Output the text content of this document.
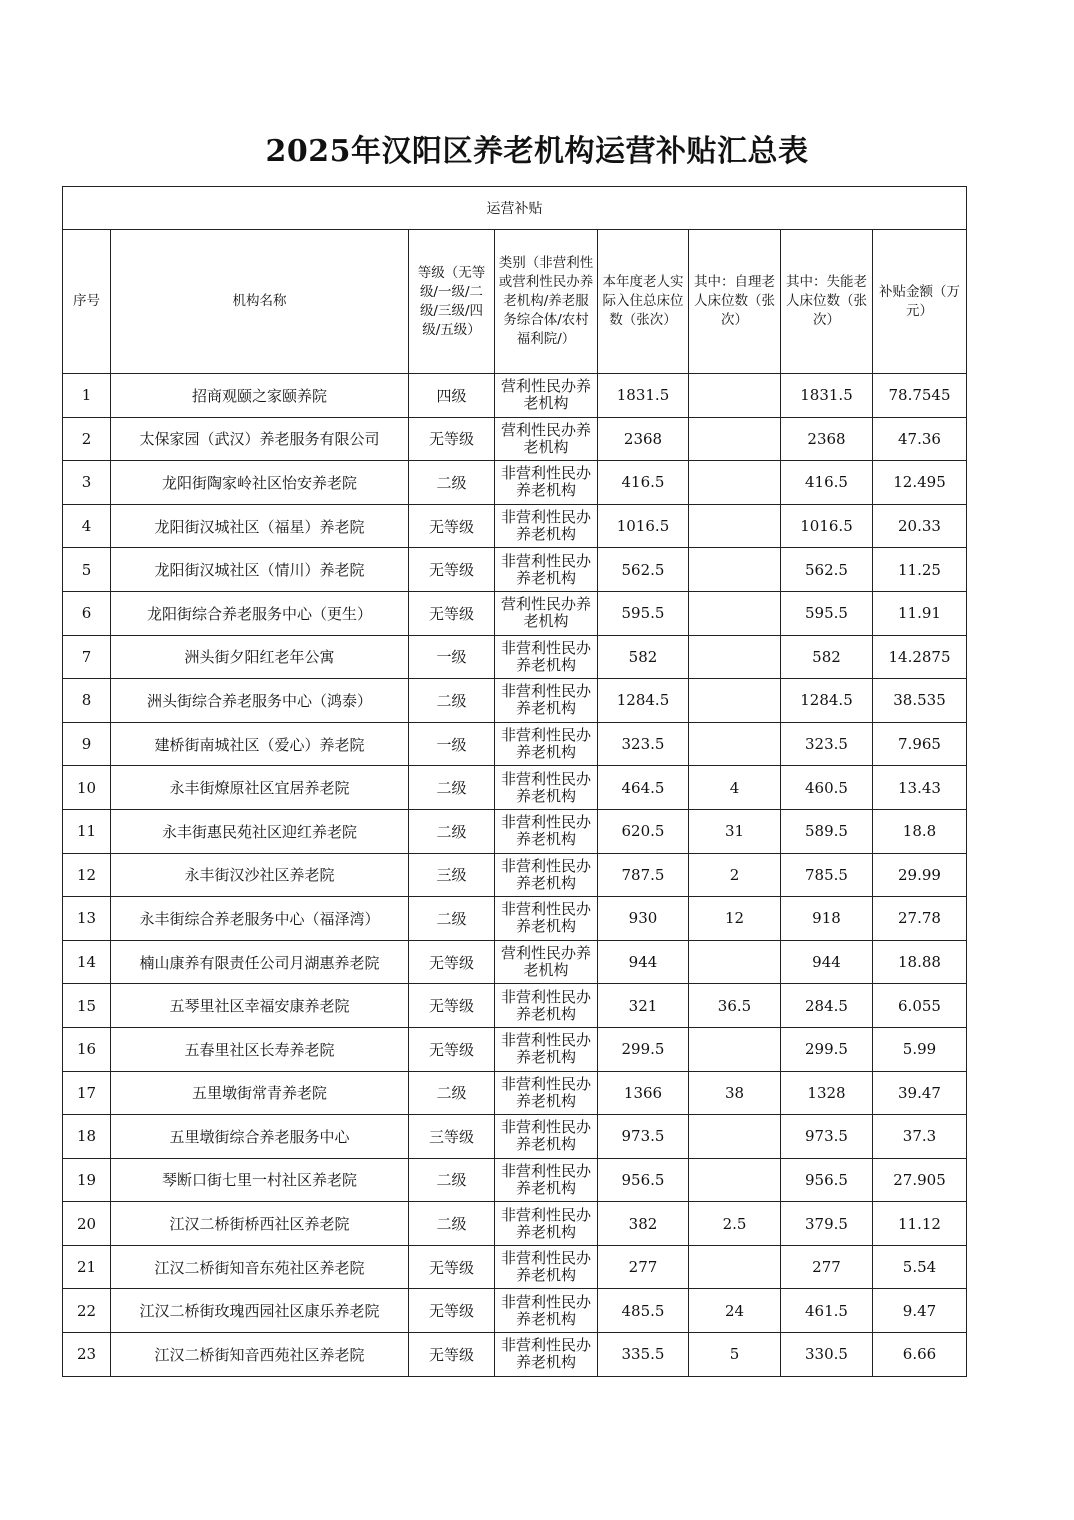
2025年汉阳区养老机构运营补贴汇总表
运营补贴							
序号	机构名称	等级（无等级/一级/二级/三级/四级/五级）	类别（非营利性或营利性民办养老机构/养老服务综合体/农村福利院/）	本年度老人实际入住总床位数（张次）	其中：自理老人床位数（张次）	其中：失能老人床位数（张次）	补贴金额（万元）
1	招商观颐之家颐养院	四级	营利性民办养老机构	1831.5		1831.5	78.7545
2	太保家园（武汉）养老服务有限公司	无等级	营利性民办养老机构	2368		2368	47.36
3	龙阳街陶家岭社区怡安养老院	二级	非营利性民办养老机构	416.5		416.5	12.495
4	龙阳街汉城社区（福星）养老院	无等级	非营利性民办养老机构	1016.5		1016.5	20.33
5	龙阳街汉城社区（情川）养老院	无等级	非营利性民办养老机构	562.5		562.5	11.25
6	龙阳街综合养老服务中心（更生）	无等级	营利性民办养老机构	595.5		595.5	11.91
7	洲头街夕阳红老年公寓	一级	非营利性民办养老机构	582		582	14.2875
8	洲头街综合养老服务中心（鸿泰）	二级	非营利性民办养老机构	1284.5		1284.5	38.535
9	建桥街南城社区（爱心）养老院	一级	非营利性民办养老机构	323.5		323.5	7.965
10	永丰街燎原社区宜居养老院	二级	非营利性民办养老机构	464.5	4	460.5	13.43
11	永丰街惠民苑社区迎红养老院	二级	非营利性民办养老机构	620.5	31	589.5	18.8
12	永丰街汉沙社区养老院	三级	非营利性民办养老机构	787.5	2	785.5	29.99
13	永丰街综合养老服务中心（福泽湾）	二级	非营利性民办养老机构	930	12	918	27.78
14	楠山康养有限责任公司月湖惠养老院	无等级	营利性民办养老机构	944		944	18.88
15	五琴里社区幸福安康养老院	无等级	非营利性民办养老机构	321	36.5	284.5	6.055
16	五春里社区长寿养老院	无等级	非营利性民办养老机构	299.5		299.5	5.99
17	五里墩街常青养老院	二级	非营利性民办养老机构	1366	38	1328	39.47
18	五里墩街综合养老服务中心	三等级	非营利性民办养老机构	973.5		973.5	37.3
19	琴断口街七里一村社区养老院	二级	非营利性民办养老机构	956.5		956.5	27.905
20	江汉二桥街桥西社区养老院	二级	非营利性民办养老机构	382	2.5	379.5	11.12
21	江汉二桥街知音东苑社区养老院	无等级	非营利性民办养老机构	277		277	5.54
22	江汉二桥街玫瑰西园社区康乐养老院	无等级	非营利性民办养老机构	485.5	24	461.5	9.47
23	江汉二桥街知音西苑社区养老院	无等级	非营利性民办养老机构	335.5	5	330.5	6.66
